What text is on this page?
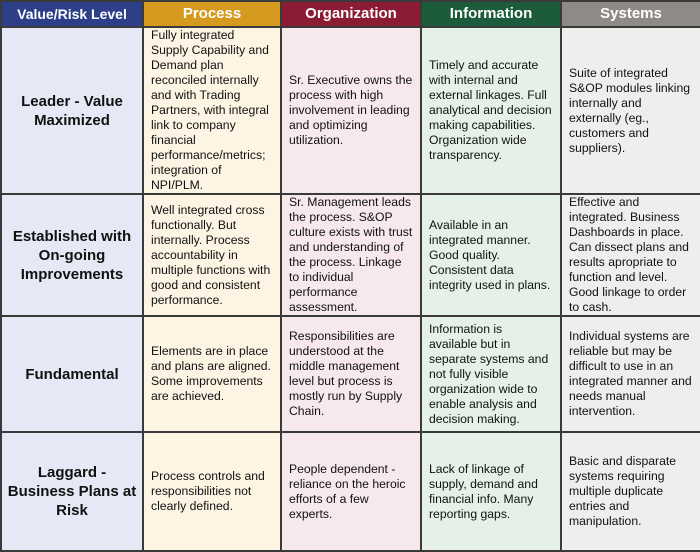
Value/Risk Level	Process	Organization	Information	Systems

Leader - Value Maximized	Fully integrated Supply Capability and Demand plan reconciled internally and with Trading Partners, with integral link to company financial performance/metrics; integration of NPI/PLM.	Sr. Executive owns the process with high involvement in leading and optimizing utilization.	Timely and accurate with internal and external linkages. Full analytical and decision making capabilities. Organization wide transparency.	Suite of integrated S&OP modules linking internally and externally (eg., customers and suppliers).

Established with On-going Improvements	Well integrated cross functionally. But internally. Process accountability in multiple functions with good and consistent performance.	Sr. Management leads the process. S&OP culture exists with trust and understanding of the process. Linkage to individual performance assessment.	Available in an integrated manner. Good quality. Consistent data integrity used in plans.	Effective and integrated. Business Dashboards in place. Can dissect plans and results apropriate to function and level. Good linkage to order to cash.

Fundamental	Elements are in place and plans are aligned. Some improvements are achieved.	Responsibilities are understood at the middle management level but process is mostly run by Supply Chain.	Information is available but in separate systems and not fully visible organization wide to enable analysis and decision making.	Individual systems are reliable but may be difficult to use in an integrated manner and needs manual intervention.

Laggard - Business Plans at Risk	Process controls and responsibilities not clearly defined.	People dependent - reliance on the heroic efforts of a few experts.	Lack of linkage of supply, demand and financial info. Many reporting gaps.	Basic and disparate systems requiring multiple duplicate entries and manipulation.
